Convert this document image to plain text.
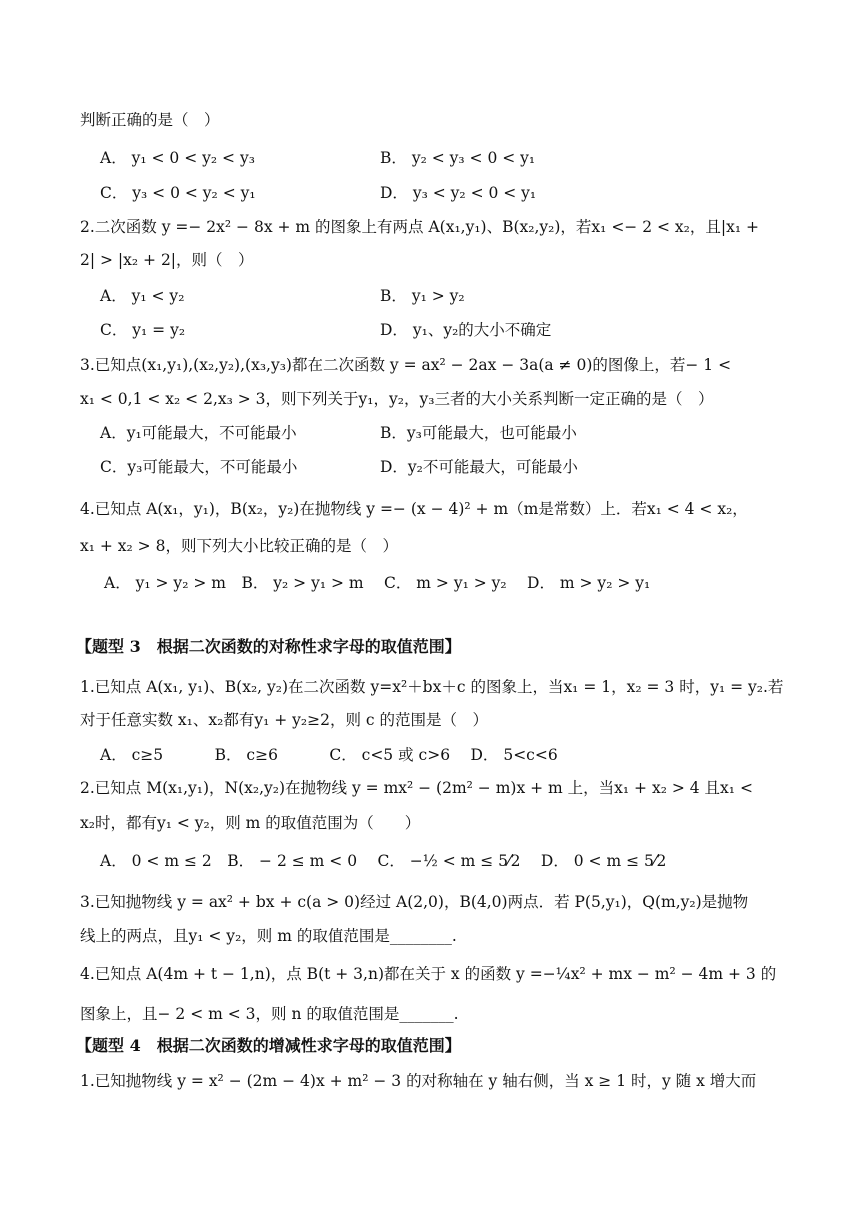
判断正确的是（　）
A． y₁ < 0 < y₂ < y₃	B． y₂ < y₃ < 0 < y₁
C． y₃ < 0 < y₂ < y₁	D． y₃ < y₂ < 0 < y₁
2.二次函数 y =− 2x² − 8x + m 的图象上有两点 A(x₁,y₁)、B(x₂,y₂)，若x₁ <− 2 < x₂，且|x₁ +
2| > |x₂ + 2|，则（　）
A． y₁ < y₂	B． y₁ > y₂
C． y₁ = y₂	D． y₁、y₂的大小不确定
3.已知点(x₁,y₁),(x₂,y₂),(x₃,y₃)都在二次函数 y = ax² − 2ax − 3a(a ≠ 0)的图像上，若− 1 <
x₁ < 0,1 < x₂ < 2,x₃ > 3，则下列关于y₁，y₂，y₃三者的大小关系判断一定正确的是（　）
A．y₁可能最大，不可能最小	B．y₃可能最大，也可能最小
C．y₃可能最大，不可能最小	D．y₂不可能最大，可能最小
4.已知点 A(x₁，y₁)，B(x₂，y₂)在抛物线 y =− (x − 4)² + m（m是常数）上．若x₁ < 4 < x₂，
x₁ + x₂ > 8，则下列大小比较正确的是（　）
A． y₁ > y₂ > m　B． y₂ > y₁ > m　 C． m > y₁ > y₂　 D． m > y₂ > y₁
【题型 3　根据二次函数的对称性求字母的取值范围】
1.已知点 A(x₁, y₁)、B(x₂, y₂)在二次函数 y=x²＋bx＋c 的图象上，当x₁ = 1，x₂ = 3 时，y₁ = y₂.若
对于任意实数 x₁、x₂都有y₁ + y₂≥2，则 c 的范围是（　）
A． c≥5　　　 B． c≥6　　　 C． c<5 或 c>6　 D． 5<c<6
2.已知点 M(x₁,y₁)，N(x₂,y₂)在抛物线 y = mx² − (2m² − m)x + m 上，当x₁ + x₂ > 4 且x₁ <
x₂时，都有y₁ < y₂，则 m 的取值范围为（　　）
A． 0 < m ≤ 2　B． − 2 ≤ m < 0　 C． −½ < m ≤ 5⁄2　 D． 0 < m ≤ 5⁄2
3.已知抛物线 y = ax² + bx + c(a > 0)经过 A(2,0)，B(4,0)两点．若 P(5,y₁)，Q(m,y₂)是抛物
线上的两点，且y₁ < y₂，则 m 的取值范围是________.
4.已知点 A(4m + t − 1,n)，点 B(t + 3,n)都在关于 x 的函数 y =−¼x² + mx − m² − 4m + 3 的
图象上，且− 2 < m < 3，则 n 的取值范围是_______.
【题型 4　根据二次函数的增减性求字母的取值范围】
1.已知抛物线 y = x² − (2m − 4)x + m² − 3 的对称轴在 y 轴右侧，当 x ≥ 1 时，y 随 x 增大而
